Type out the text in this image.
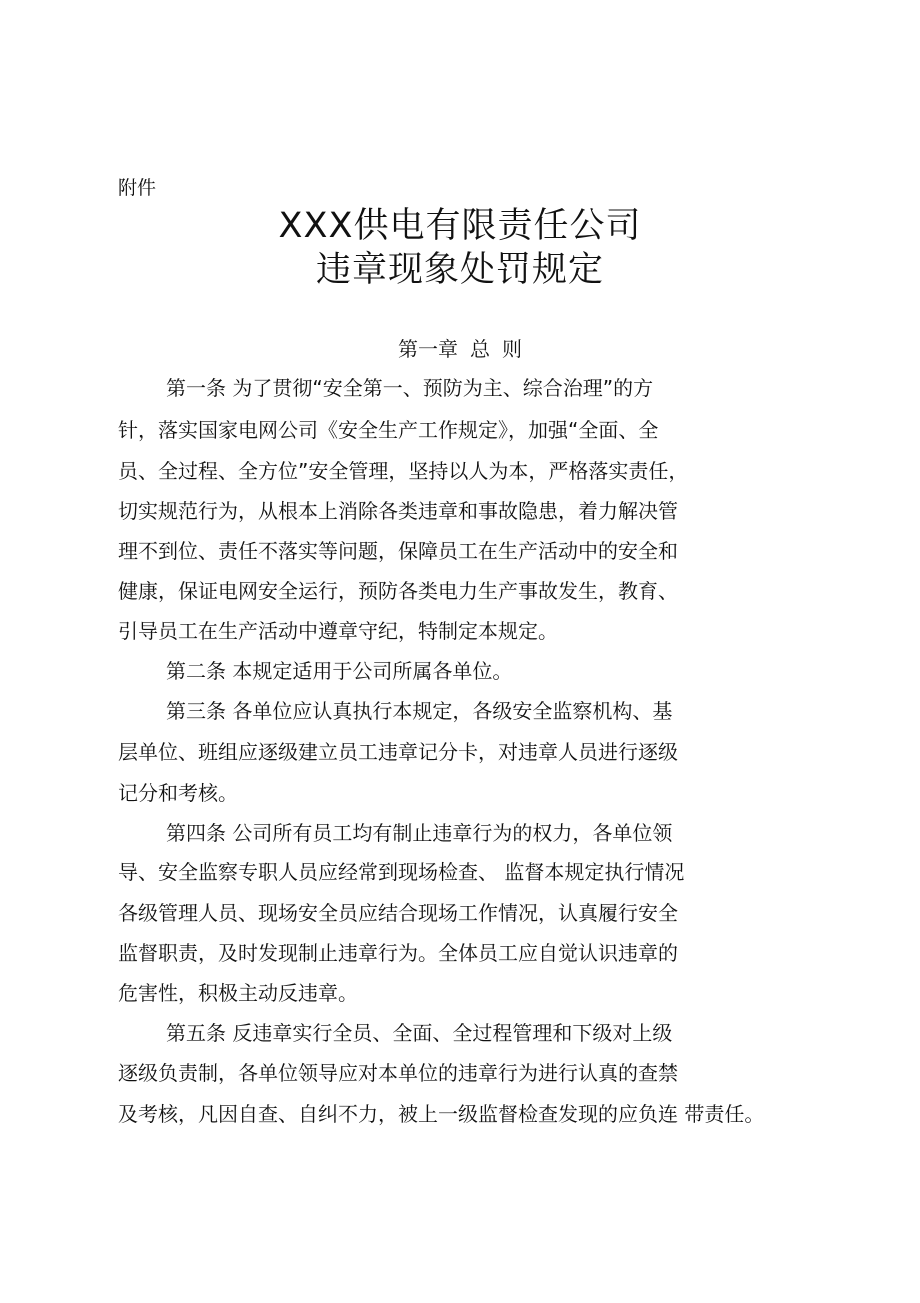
附件
XXX供电有限责任公司
违章现象处罚规定
第一章 总 则
第一条 为了贯彻“安全第一、预防为主、综合治理”的方
针，落实国家电网公司《安全生产工作规定》，加强“全面、全
员、全过程、全方位”安全管理，坚持以人为本，严格落实责任，
切实规范行为，从根本上消除各类违章和事故隐患，着力解决管
理不到位、责任不落实等问题，保障员工在生产活动中的安全和
健康，保证电网安全运行，预防各类电力生产事故发生，教育、
引导员工在生产活动中遵章守纪，特制定本规定。
第二条 本规定适用于公司所属各单位。
第三条 各单位应认真执行本规定，各级安全监察机构、基
层单位、班组应逐级建立员工违章记分卡，对违章人员进行逐级
记分和考核。
第四条 公司所有员工均有制止违章行为的权力，各单位领
导、安全监察专职人员应经常到现场检查、 监督本规定执行情况
各级管理人员、现场安全员应结合现场工作情况，认真履行安全
监督职责，及时发现制止违章行为。全体员工应自觉认识违章的
危害性，积极主动反违章。
第五条 反违章实行全员、全面、全过程管理和下级对上级
逐级负责制，各单位领导应对本单位的违章行为进行认真的查禁
及考核，凡因自查、自纠不力，被上一级监督检查发现的应负连 带责任。
